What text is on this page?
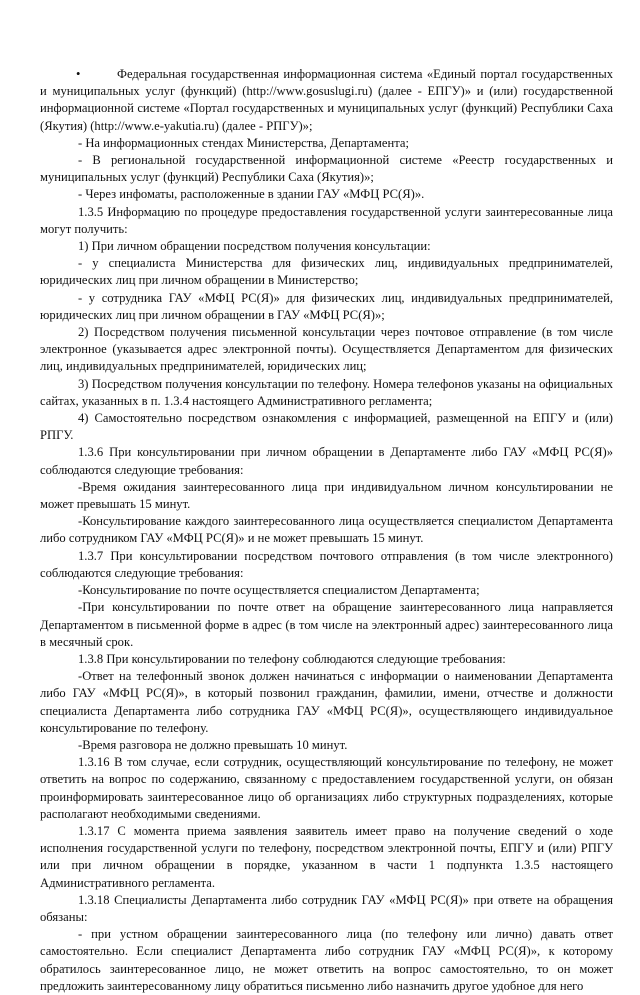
•	Федеральная государственная информационная система «Единый портал государственных и муниципальных услуг (функций) (http://www.gosuslugi.ru) (далее - ЕПГУ)» и (или) государственной информационной системе «Портал государственных и муниципальных услуг (функций) Республики Саха (Якутия) (http://www.e-yakutia.ru) (далее - РПГУ)»;

- На информационных стендах Министерства, Департамента;

- В региональной государственной информационной системе «Реестр государственных и муниципальных услуг (функций) Республики Саха (Якутия)»;

- Через инфоматы, расположенные в здании ГАУ «МФЦ РС(Я)».

1.3.5 Информацию по процедуре предоставления государственной услуги заинтересованные лица могут получить:

1) При личном обращении посредством получения консультации:

- у специалиста Министерства для физических лиц, индивидуальных предпринимателей, юридических лиц при личном обращении в Министерство;

- у сотрудника ГАУ «МФЦ РС(Я)» для физических лиц, индивидуальных предпринимателей, юридических лиц при личном обращении в ГАУ «МФЦ РС(Я)»;

2) Посредством получения письменной консультации через почтовое отправление (в том числе электронное (указывается адрес электронной почты). Осуществляется Департаментом для физических лиц, индивидуальных предпринимателей, юридических лиц;

3) Посредством получения консультации по телефону. Номера телефонов указаны на официальных сайтах, указанных в п. 1.3.4 настоящего Административного регламента;

4) Самостоятельно посредством ознакомления с информацией, размещенной на ЕПГУ и (или) РПГУ.

1.3.6 При консультировании при личном обращении в Департаменте либо ГАУ «МФЦ РС(Я)» соблюдаются следующие требования:

-Время ожидания заинтересованного лица при индивидуальном личном консультировании не может превышать 15 минут.

-Консультирование каждого заинтересованного лица осуществляется специалистом Департамента либо сотрудником ГАУ «МФЦ РС(Я)» и не может превышать 15 минут.

1.3.7 При консультировании посредством почтового отправления (в том числе электронного) соблюдаются следующие требования:

-Консультирование по почте осуществляется специалистом Департамента;

-При консультировании по почте ответ на обращение заинтересованного лица направляется Департаментом в письменной форме в адрес (в том числе на электронный адрес) заинтересованного лица в месячный срок.

1.3.8 При консультировании по телефону соблюдаются следующие требования:

-Ответ на телефонный звонок должен начинаться с информации о наименовании Департамента либо ГАУ «МФЦ РС(Я)», в который позвонил гражданин, фамилии, имени, отчестве и должности специалиста Департамента либо сотрудника ГАУ «МФЦ РС(Я)», осуществляющего индивидуальное консультирование по телефону.

-Время разговора не должно превышать 10 минут.

1.3.16 В том случае, если сотрудник, осуществляющий консультирование по телефону, не может ответить на вопрос по содержанию, связанному с предоставлением государственной услуги, он обязан проинформировать заинтересованное лицо об организациях либо структурных подразделениях, которые располагают необходимыми сведениями.

1.3.17 С момента приема заявления заявитель имеет право на получение сведений о ходе исполнения государственной услуги по телефону, посредством электронной почты, ЕПГУ и (или) РПГУ или при личном обращении в порядке, указанном в части 1 подпункта 1.3.5 настоящего Административного регламента.

1.3.18 Специалисты Департамента либо сотрудник ГАУ «МФЦ РС(Я)» при ответе на обращения обязаны:

- при устном обращении заинтересованного лица (по телефону или лично) давать ответ самостоятельно. Если специалист Департамента либо сотрудник ГАУ «МФЦ РС(Я)», к которому обратилось заинтересованное лицо, не может ответить на вопрос самостоятельно, то он может предложить заинтересованному лицу обратиться письменно либо назначить другое удобное для него
